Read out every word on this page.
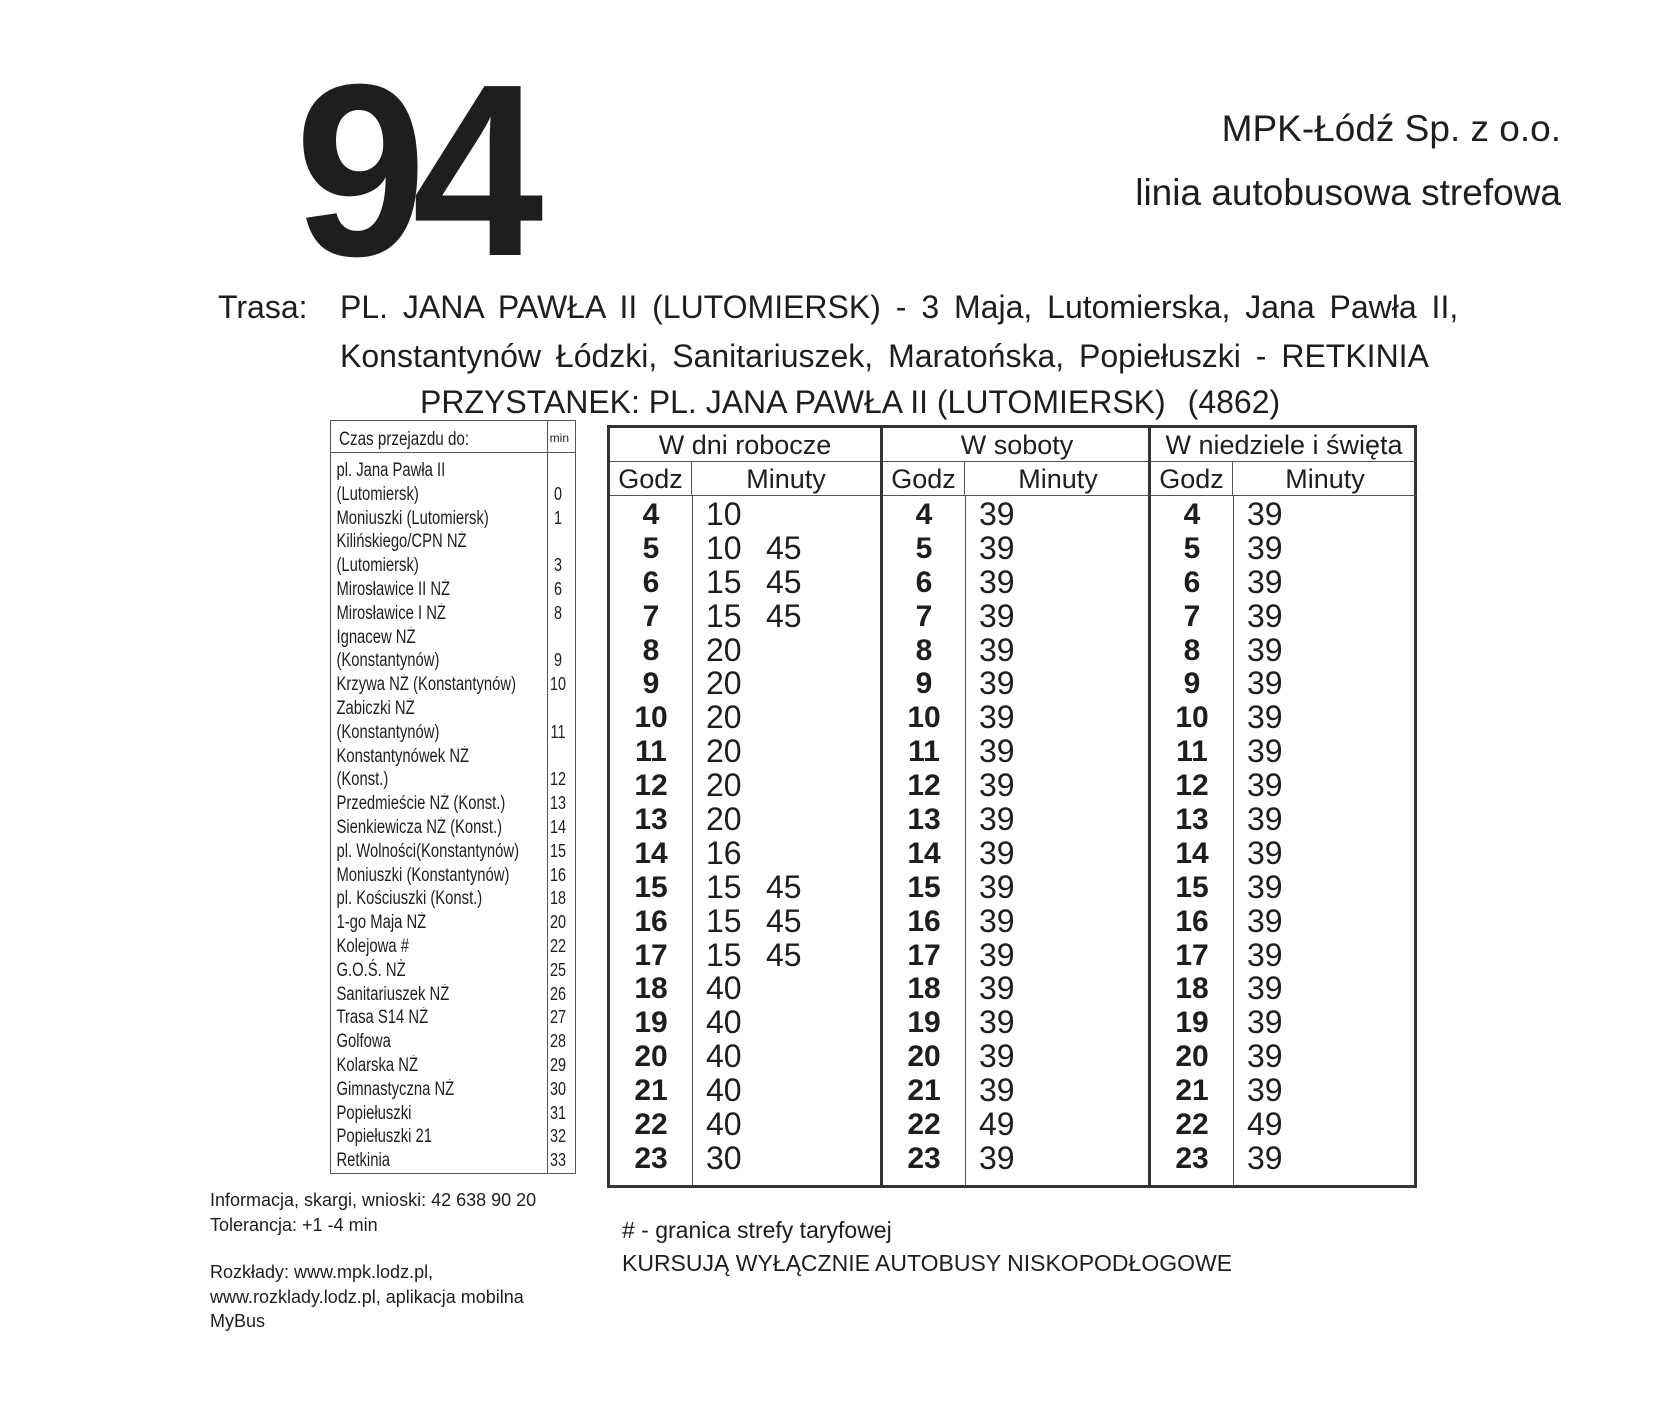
94	MPK-Łódź Sp. z o.o.
linia autobusowa strefowa
Trasa: PL. JANA PAWŁA II (LUTOMIERSK) - 3 Maja, Lutomierska, Jana Pawła II,
Konstantynów Łódzki, Sanitariuszek, Maratońska, Popiełuszki - RETKINIA
PRZYSTANEK: PL. JANA PAWŁA II (LUTOMIERSK) (4862)
Czas przejazdu do:	min
pl. Jana Pawła II
(Lutomiersk)	0
Moniuszki (Lutomiersk)	1
Kilińskiego/CPN NŻ
(Lutomiersk)	3
Mirosławice II NŻ	6
Mirosławice I NŻ	8
Ignacew NŻ
(Konstantynów)	9
Krzywa NŻ (Konstantynów) 10
Zabiczki NŻ
(Konstantynów)	11
Konstantynówek NŻ
(Konst.)	12
Przedmieście NŻ (Konst.) 13
Sienkiewicza NŻ (Konst.)	14
pl. Wolności(Konstantynów) 15
Moniuszki (Konstantynów) 16
pl. Kościuszki (Konst.)	18
1-go Maja NŻ	20
Kolejowa #	22
G.O.Ś. NŻ	25
Sanitariuszek NŻ	26
Trasa S14 NŻ	27
Golfowa	28
Kolarska NŻ	29
Gimnastyczna NŻ	30
Popiełuszki	31
Popiełuszki 21	32
Retkinia	33
W dni robocze
Godz	Minuty
4	10
5	10 45
6	15 45
7	15 45
8	20
9	20
10	20
11	20
12	20
13	20
14	16
15	15 45
16	15 45
17	15 45
18	40
19	40
20	40
21	40
22	40
23	30
W soboty
Godz	Minuty
4	39
5	39
6	39
7	39
8	39
9	39
10	39
11	39
12	39
13	39
14	39
15	39
16	39
17	39
18	39
19	39
20	39
21	39
22	49
23	39
W niedziele i święta
Godz	Minuty
4	39
5	39
6	39
7	39
8	39
9	39
10	39
11	39
12	39
13	39
14	39
15	39
16	39
17	39
18	39
19	39
20	39
21	39
22	49
23	39
Informacja, skargi, wnioski: 42 638 90 20
Tolerancja: +1 -4 min
Rozkłady: www.mpk.lodz.pl,
www.rozklady.lodz.pl, aplikacja mobilna
MyBus
# - granica strefy taryfowej
KURSUJĄ WYŁĄCZNIE AUTOBUSY NISKOPODŁOGOWE
